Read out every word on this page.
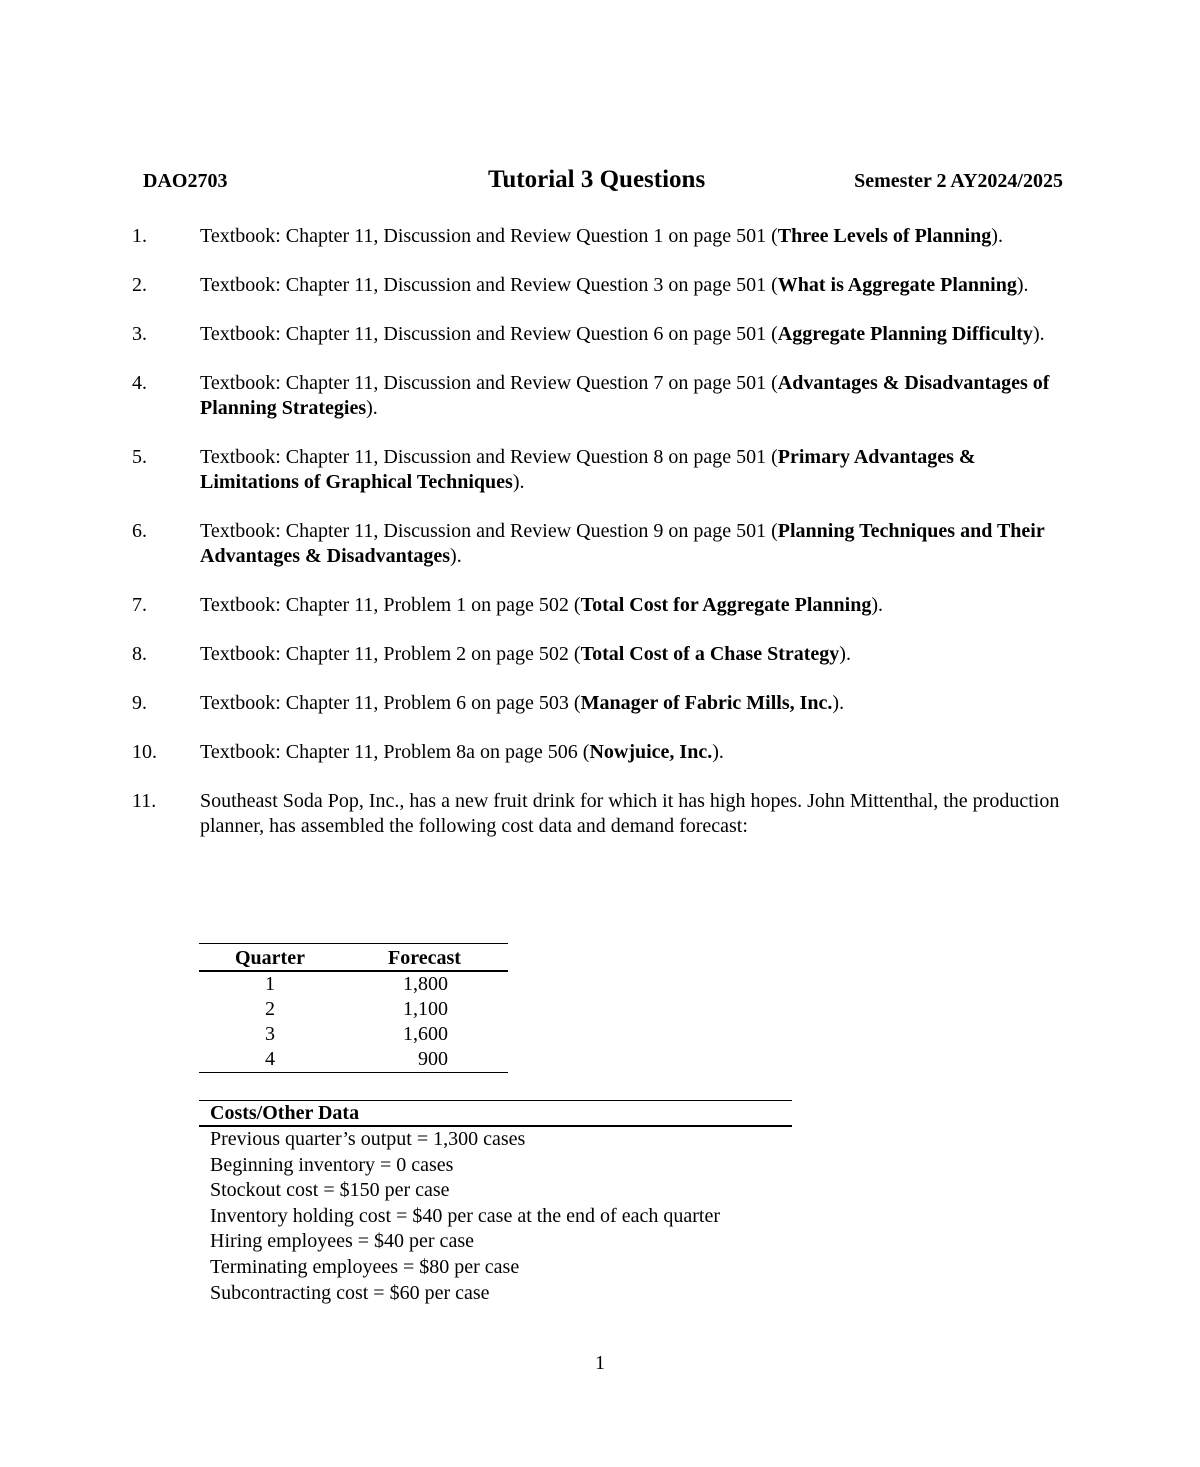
DAO2703	Tutorial 3 Questions	Semester 2 AY2024/2025
1.	Textbook: Chapter 11, Discussion and Review Question 1 on page 501 (Three Levels of Planning).
2.	Textbook: Chapter 11, Discussion and Review Question 3 on page 501 (What is Aggregate Planning).
3.	Textbook: Chapter 11, Discussion and Review Question 6 on page 501 (Aggregate Planning Difficulty).
4.	Textbook: Chapter 11, Discussion and Review Question 7 on page 501 (Advantages & Disadvantages of Planning Strategies).
5.	Textbook: Chapter 11, Discussion and Review Question 8 on page 501 (Primary Advantages & Limitations of Graphical Techniques).
6.	Textbook: Chapter 11, Discussion and Review Question 9 on page 501 (Planning Techniques and Their Advantages & Disadvantages).
7.	Textbook: Chapter 11, Problem 1 on page 502 (Total Cost for Aggregate Planning).
8.	Textbook: Chapter 11, Problem 2 on page 502 (Total Cost of a Chase Strategy).
9.	Textbook: Chapter 11, Problem 6 on page 503 (Manager of Fabric Mills, Inc.).
10. Textbook: Chapter 11, Problem 8a on page 506 (Nowjuice, Inc.).
11. Southeast Soda Pop, Inc., has a new fruit drink for which it has high hopes. John Mittenthal, the production planner, has assembled the following cost data and demand forecast:
Quarter	Forecast
1	1,800
2	1,100
3	1,600
4	900
Costs/Other Data
Previous quarter’s output = 1,300 cases
Beginning inventory = 0 cases
Stockout cost = $150 per case
Inventory holding cost = $40 per case at the end of each quarter
Hiring employees = $40 per case
Terminating employees = $80 per case
Subcontracting cost = $60 per case
1
